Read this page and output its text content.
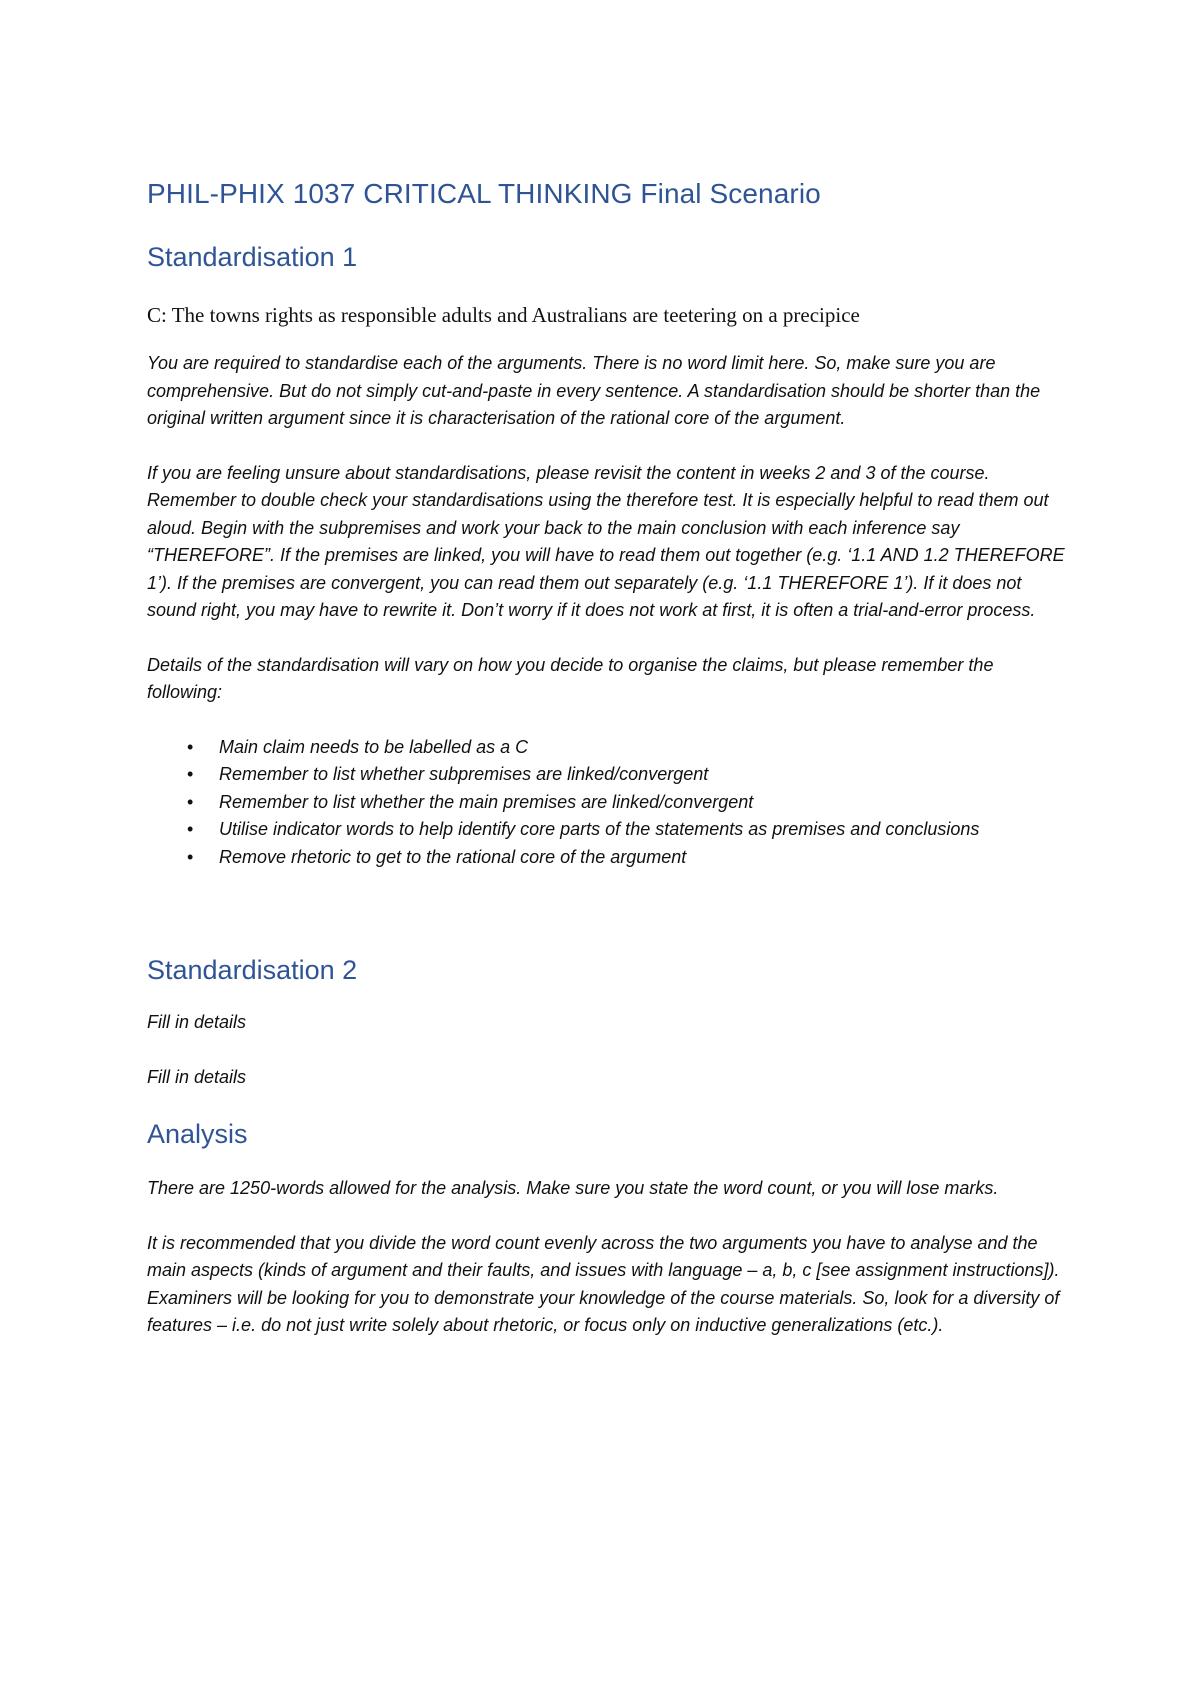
PHIL-PHIX 1037 CRITICAL THINKING Final Scenario
Standardisation 1

C: The towns rights as responsible adults and Australians are teetering on a precipice

You are required to standardise each of the arguments. There is no word limit here. So, make sure you are comprehensive. But do not simply cut-and-paste in every sentence. A standardisation should be shorter than the original written argument since it is characterisation of the rational core of the argument.

If you are feeling unsure about standardisations, please revisit the content in weeks 2 and 3 of the course. Remember to double check your standardisations using the therefore test. It is especially helpful to read them out aloud. Begin with the subpremises and work your back to the main conclusion with each inference say “THEREFORE”. If the premises are linked, you will have to read them out together (e.g. ‘1.1 AND 1.2 THEREFORE 1’). If the premises are convergent, you can read them out separately (e.g. ‘1.1 THEREFORE 1’). If it does not sound right, you may have to rewrite it. Don’t worry if it does not work at first, it is often a trial-and-error process.

Details of the standardisation will vary on how you decide to organise the claims, but please remember the following:

• Main claim needs to be labelled as a C
• Remember to list whether subpremises are linked/convergent
• Remember to list whether the main premises are linked/convergent
• Utilise indicator words to help identify core parts of the statements as premises and conclusions
• Remove rhetoric to get to the rational core of the argument
Standardisation 2

Fill in details

Fill in details

Analysis

There are 1250-words allowed for the analysis. Make sure you state the word count, or you will lose marks.

It is recommended that you divide the word count evenly across the two arguments you have to analyse and the main aspects (kinds of argument and their faults, and issues with language – a, b, c [see assignment instructions]). Examiners will be looking for you to demonstrate your knowledge of the course materials. So, look for a diversity of features – i.e. do not just write solely about rhetoric, or focus only on inductive generalizations (etc.).
